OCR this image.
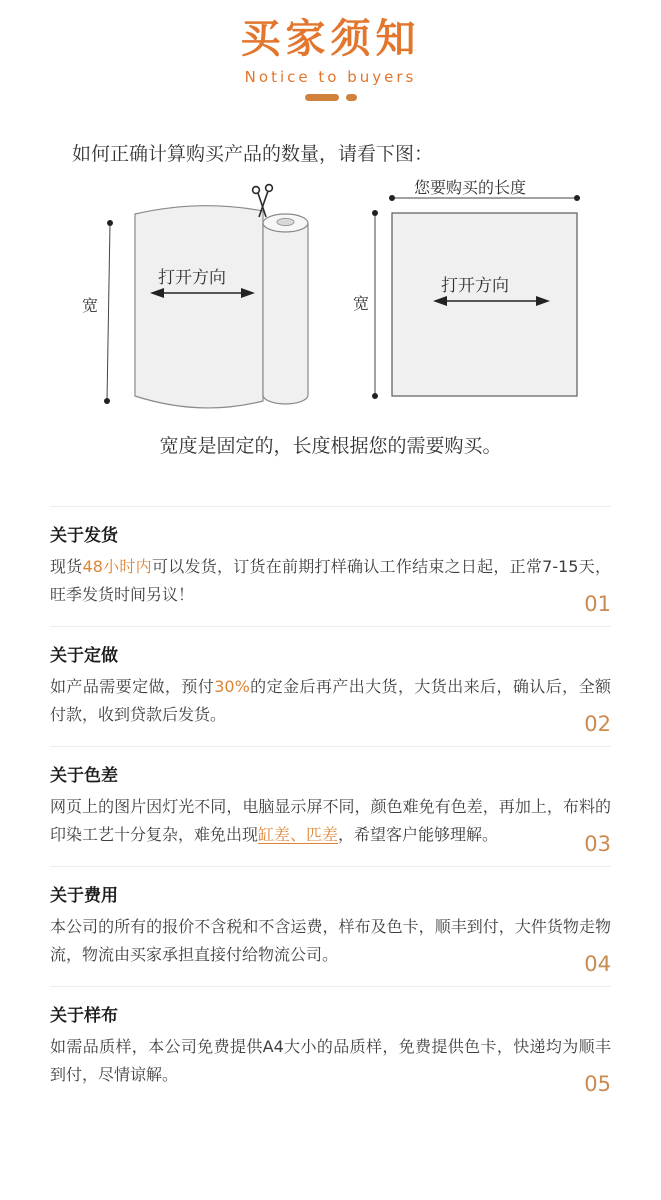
买家须知
Notice to buyers
如何正确计算购买产品的数量，请看下图：
宽
打开方向
您要购买的长度
宽
打开方向
宽度是固定的，长度根据您的需要购买。
关于发货
现货48小时内可以发货，订货在前期打样确认工作结束之日起，正常7-15天，旺季发货时间另议！	01
关于定做
如产品需要定做，预付30%的定金后再产出大货，大货出来后，确认后，全额付款，收到贷款后发货。	02
关于色差
网页上的图片因灯光不同，电脑显示屏不同，颜色难免有色差，再加上，布料的印染工艺十分复杂，难免出现缸差、匹差，希望客户能够理解。	03
关于费用
本公司的所有的报价不含税和不含运费，样布及色卡，顺丰到付，大件货物走物流，物流由买家承担直接付给物流公司。	04
关于样布
如需品质样，本公司免费提供A4大小的品质样，免费提供色卡，快递均为顺丰到付，尽情谅解。	05
